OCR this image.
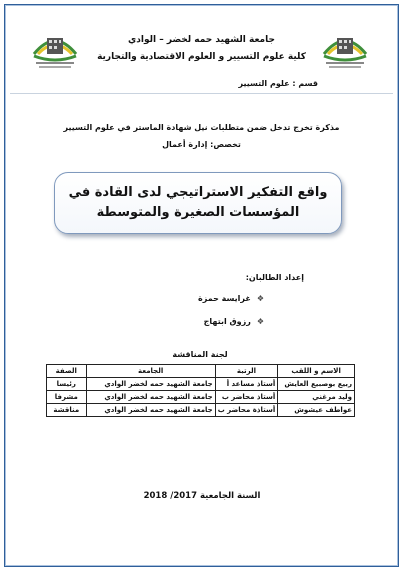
جامعة الشهيد حمه لخضر – الوادي
كلية علوم التسيير و العلوم الاقتصادية والتجارية
قسم : علوم التسيير
مذكرة تخرج تدخل ضمن متطلبات نيل شهادة الماستر في علوم التسيير
تخصص: إدارة أعمال
واقع التفكير الاستراتيجي لدى القادة في
المؤسسات الصغيرة والمتوسطة
إعداد الطالبان:
❖غرايسة حمزة
❖رزوق ابتهاج
لجنة المناقشة
الاسم و اللقب	الرتبة	الجامعة	الصفة
ربيع بوصبيع العايش	أستاذ مساعد أ	جامعة الشهيد حمه لخضر الوادي	رئيسا
وليد مرغني	أستاذ محاضر ب	جامعة الشهيد حمه لخضر الوادي	مشرفا
عواطف عيشوش	أستاذة محاضر ب	جامعة الشهيد حمه لخضر الوادي	مناقشة
السنة الجامعية 2017/ 2018
